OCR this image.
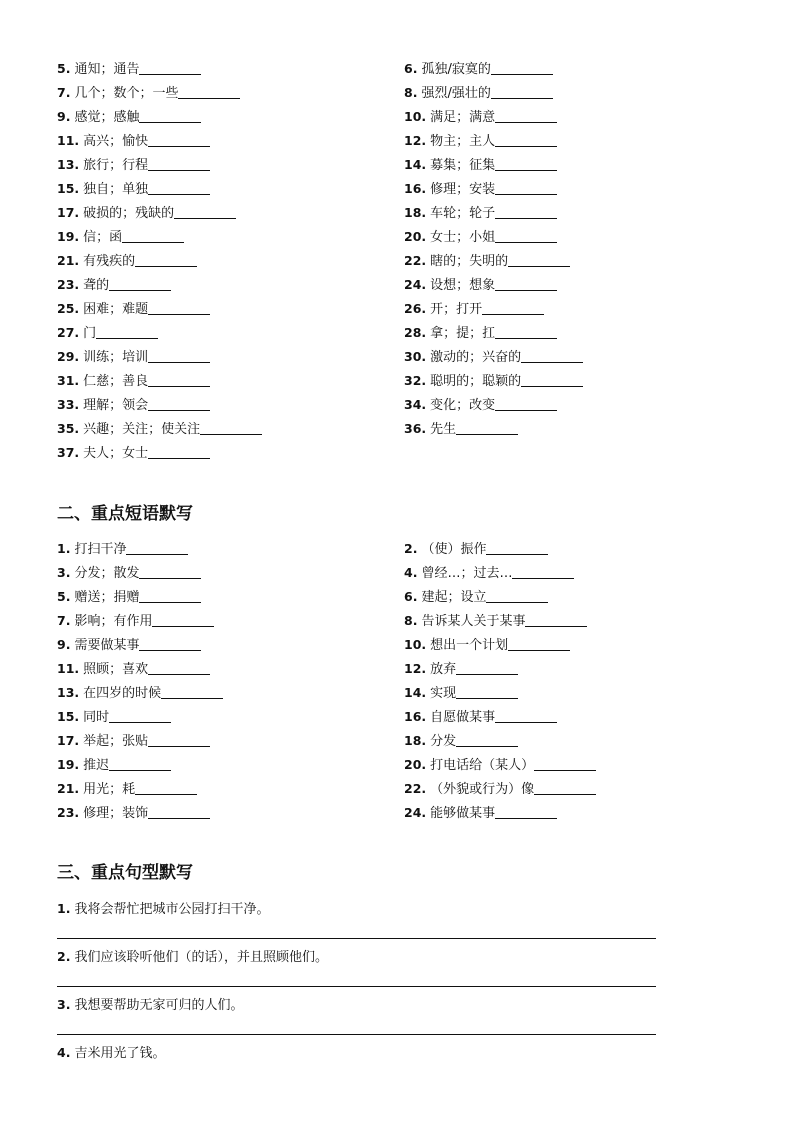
5. 通知；通告	6. 孤独/寂寞的
7. 几个；数个；一些	8. 强烈/强壮的
9. 感觉；感触	10. 满足；满意
11. 高兴；愉快	12. 物主；主人
13. 旅行；行程	14. 募集；征集
15. 独自；单独	16. 修理；安装
17. 破损的；残缺的	18. 车轮；轮子
19. 信；函	20. 女士；小姐
21. 有残疾的	22. 瞎的；失明的
23. 聋的	24. 设想；想象
25. 困难；难题	26. 开；打开
27. 门	28. 拿；提；扛
29. 训练；培训	30. 激动的；兴奋的
31. 仁慈；善良	32. 聪明的；聪颖的
33. 理解；领会	34. 变化；改变
35. 兴趣；关注；使关注	36. 先生
37. 夫人；女士
二、重点短语默写
1. 打扫干净	2. （使）振作
3. 分发；散发	4. 曾经…；过去…
5. 赠送；捐赠	6. 建起；设立
7. 影响；有作用	8. 告诉某人关于某事
9. 需要做某事	10. 想出一个计划
11. 照顾；喜欢	12. 放弃
13. 在四岁的时候	14. 实现
15. 同时	16. 自愿做某事
17. 举起；张贴	18. 分发
19. 推迟	20. 打电话给（某人）
21. 用光；耗	22. （外貌或行为）像
23. 修理；装饰	24. 能够做某事
三、重点句型默写
1. 我将会帮忙把城市公园打扫干净。
2. 我们应该聆听他们（的话），并且照顾他们。
3. 我想要帮助无家可归的人们。
4. 吉米用光了钱。
